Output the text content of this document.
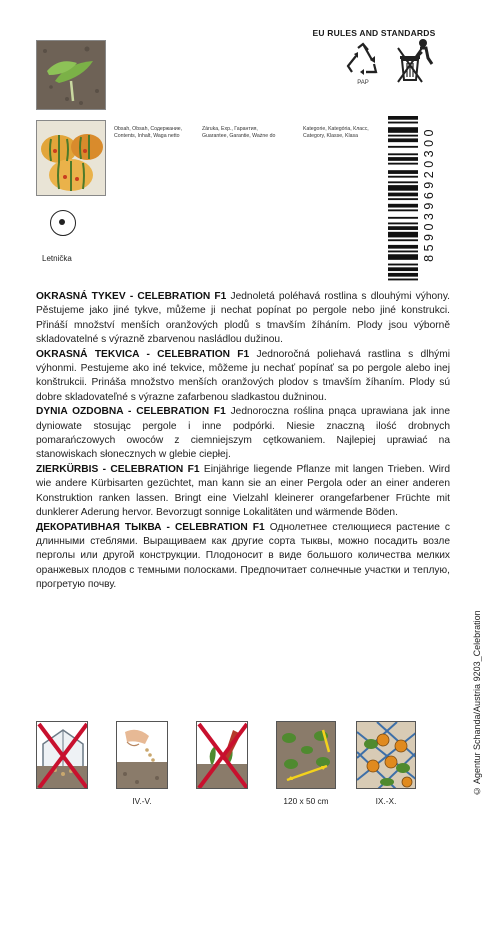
EU RULES AND STANDARDS
PAP
Obsah, Obsah, Содержание,
Contents, Inhalt, Waga netto
Záruka, Exp., Гарантия,
Guarantee, Garantie, Ważne do
Kategorie, Kategória, Класс,
Category, Klasse, Klasa
Letnička	8590396920300

OKRASNÁ TYKEV - CELEBRATION F1 Jednoletá poléhavá rostlina s dlouhými výhony. Pěstujeme jako jiné tykve, můžeme ji nechat popínat po pergole nebo jiné konstrukci. Přináší množství menších oranžových plodů s tmavším žíháním. Plody jsou výborně skladovatelné s výrazně zbarvenou nasládlou dužinou.

OKRASNÁ TEKVICA - CELEBRATION F1 Jednoročná poliehavá rastlina s dlhými výhonmi. Pestujeme ako iné tekvice, môžeme ju nechať popínať sa po pergole alebo inej konštrukcii. Prináša množstvo menších oranžových plodov s tmavším žíhaním. Plody sú dobre skladovateľné s výrazne zafarbenou sladkastou dužninou.

DYNIA OZDOBNA - CELEBRATION F1 Jednoroczna roślina pnąca uprawiana jak inne dyniowate stosując pergole i inne podpórki. Niesie znaczną ilość drobnych pomarańczowych owoców z ciemniejszym cętkowaniem. Najlepiej uprawiać na stanowiskach słonecznych w glebie ciepłej.

ZIERKÜRBIS - CELEBRATION F1 Einjährige liegende Pflanze mit langen Trieben. Wird wie andere Kürbisarten gezüchtet, man kann sie an einer Pergola oder an einer anderen Konstruktion ranken lassen. Bringt eine Vielzahl kleinerer orangefarbener Früchte mit dunklerer Aderung hervor. Bevorzugt sonnige Lokalitäten und wärmende Böden.

ДЕКОРАТИВНАЯ ТЫКВА - CELEBRATION F1 Однолетнее стелющиеся растение с длинными стеблями. Выращиваем как другие сорта тыквы, можно посадить возле перголы или другой конструкции. Плодоносит в виде большого количества мелких оранжевых плодов с темными полосками. Предпочитает солнечные участки и теплую, прогретую почву.

IV.-V.	120 x 50 cm	IX.-X.
© Agentur Schanda/Austria 9203_Celebration
